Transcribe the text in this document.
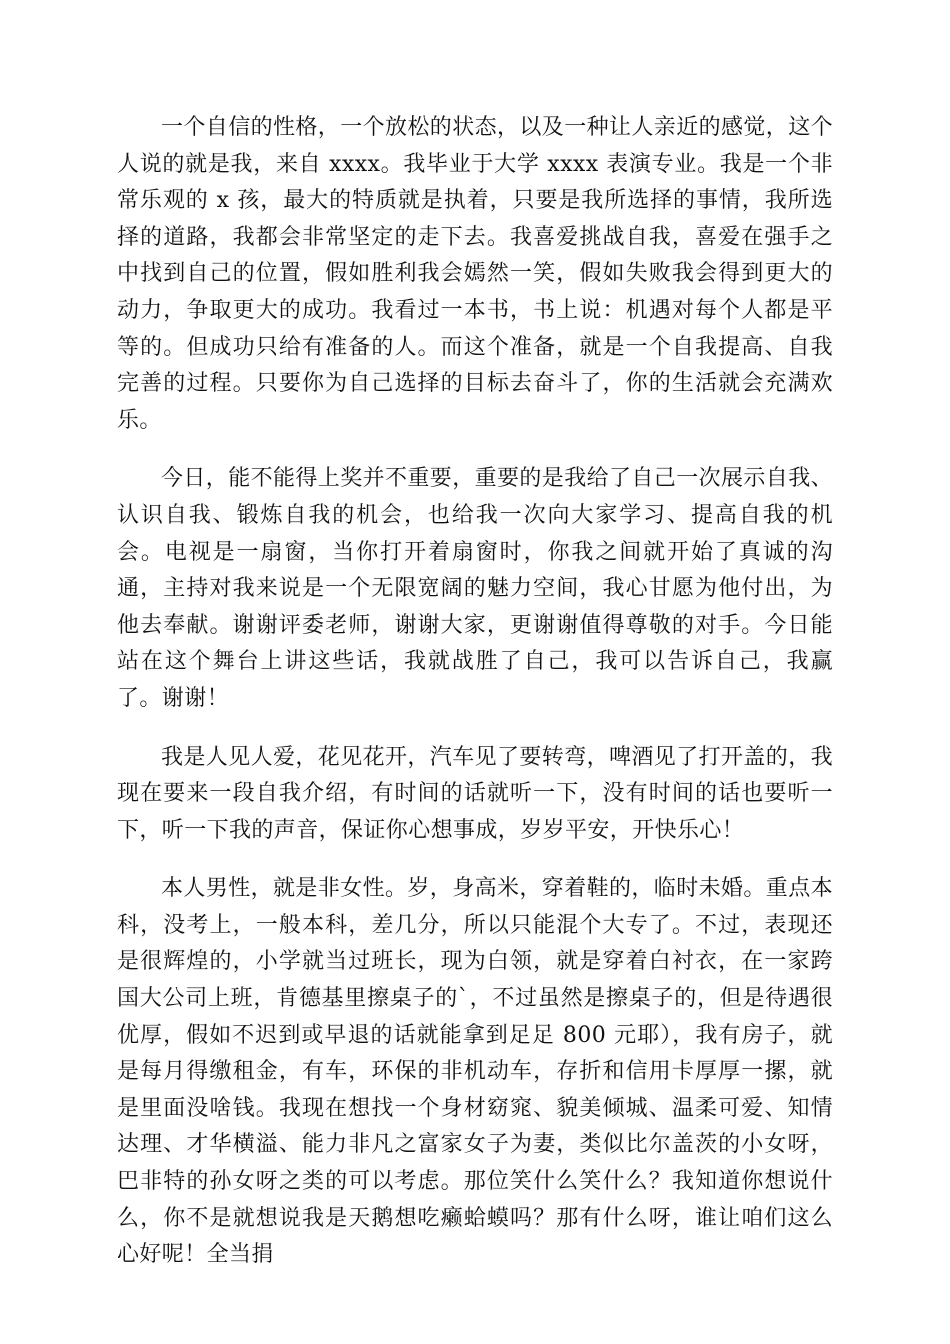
一个自信的性格，一个放松的状态，以及一种让人亲近的感觉，这个人说的就是我，来自 xxxx。我毕业于大学 xxxx 表演专业。我是一个非常乐观的 x 孩，最大的特质就是执着，只要是我所选择的事情，我所选择的道路，我都会非常坚定的走下去。我喜爱挑战自我，喜爱在强手之中找到自己的位置，假如胜利我会嫣然一笑，假如失败我会得到更大的动力，争取更大的成功。我看过一本书，书上说：机遇对每个人都是平等的。但成功只给有准备的人。而这个准备，就是一个自我提高、自我完善的过程。只要你为自己选择的目标去奋斗了，你的生活就会充满欢乐。

今日，能不能得上奖并不重要，重要的是我给了自己一次展示自我、认识自我、锻炼自我的机会，也给我一次向大家学习、提高自我的机会。电视是一扇窗，当你打开着扇窗时，你我之间就开始了真诚的沟通，主持对我来说是一个无限宽阔的魅力空间，我心甘愿为他付出，为他去奉献。谢谢评委老师，谢谢大家，更谢谢值得尊敬的对手。今日能站在这个舞台上讲这些话，我就战胜了自己，我可以告诉自己，我赢了。谢谢！

我是人见人爱，花见花开，汽车见了要转弯，啤酒见了打开盖的，我现在要来一段自我介绍，有时间的话就听一下，没有时间的话也要听一下，听一下我的声音，保证你心想事成，岁岁平安，开快乐心！

本人男性，就是非女性。岁，身高米，穿着鞋的，临时未婚。重点本科，没考上，一般本科，差几分，所以只能混个大专了。不过，表现还是很辉煌的，小学就当过班长，现为白领，就是穿着白衬衣，在一家跨国大公司上班，肯德基里擦桌子的`，不过虽然是擦桌子的，但是待遇很优厚，假如不迟到或早退的话就能拿到足足 800 元耶），我有房子，就是每月得缴租金，有车，环保的非机动车，存折和信用卡厚厚一摞，就是里面没啥钱。我现在想找一个身材窈窕、貌美倾城、温柔可爱、知情达理、才华横溢、能力非凡之富家女子为妻，类似比尔盖茨的小女呀，巴非特的孙女呀之类的可以考虑。那位笑什么笑什么？我知道你想说什么，你不是就想说我是天鹅想吃癞蛤蟆吗？那有什么呀，谁让咱们这么心好呢！全当捐
